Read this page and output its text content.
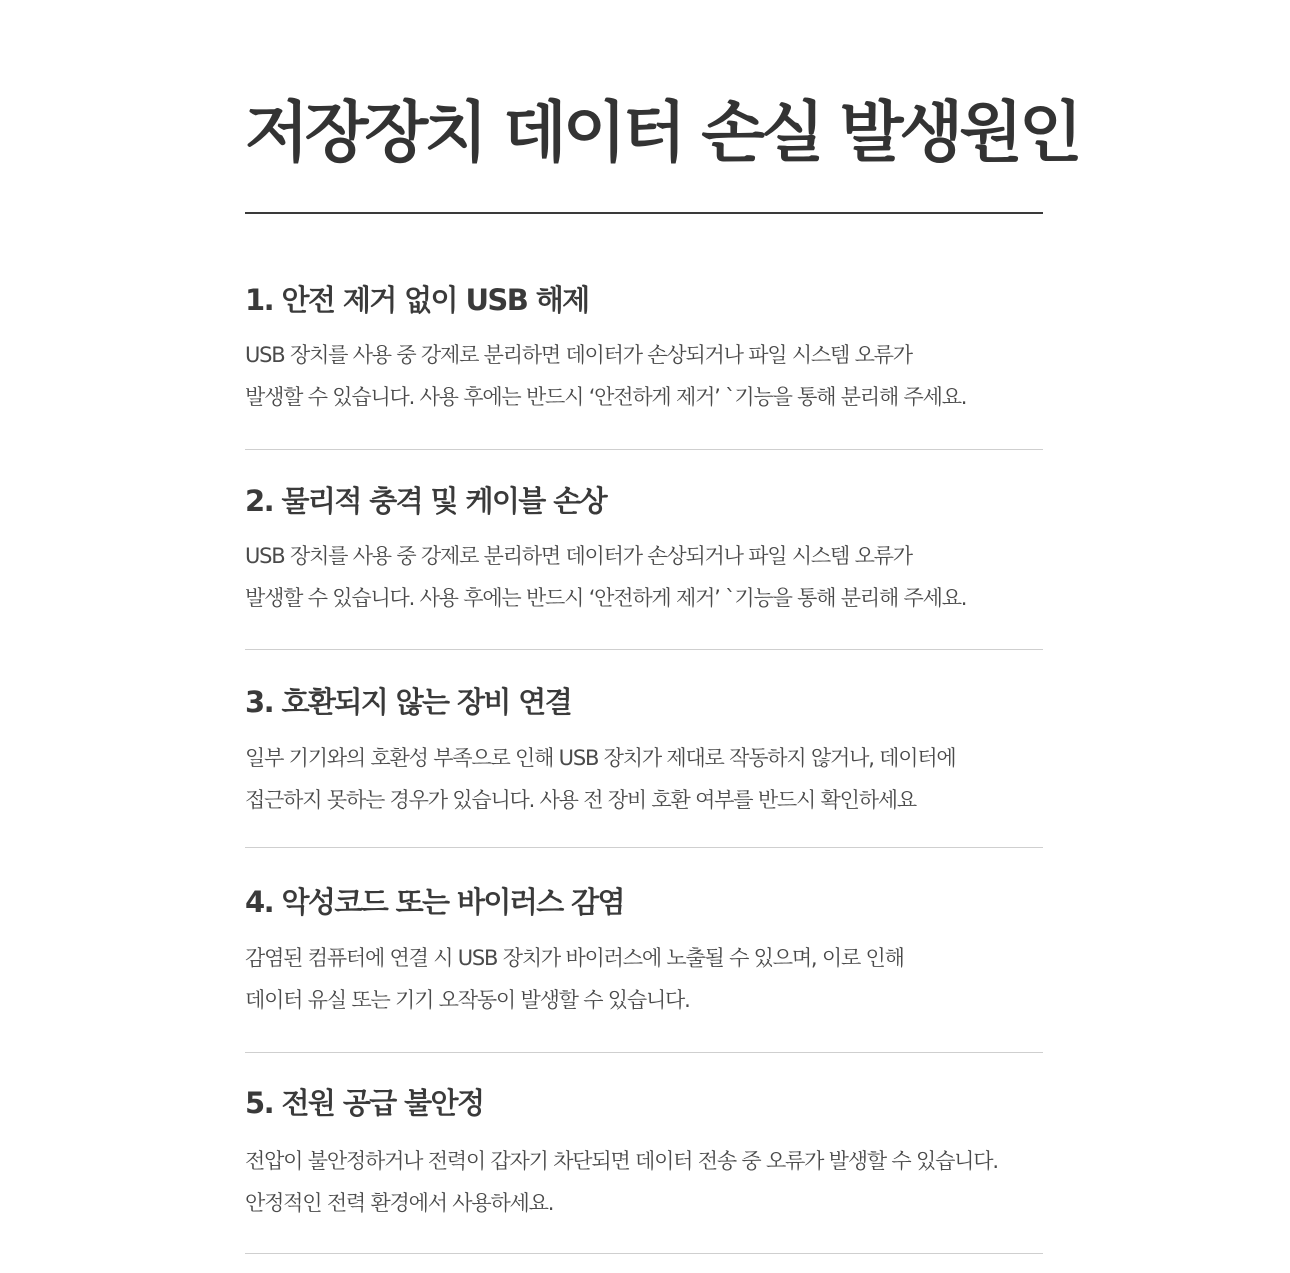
저장장치 데이터 손실 발생원인
1. 안전 제거 없이 USB 해제

USB 장치를 사용 중 강제로 분리하면 데이터가 손상되거나 파일 시스템 오류가
발생할 수 있습니다. 사용 후에는 반드시 ‘안전하게 제거’ `기능을 통해 분리해 주세요.

2. 물리적 충격 및 케이블 손상

USB 장치를 사용 중 강제로 분리하면 데이터가 손상되거나 파일 시스템 오류가
발생할 수 있습니다. 사용 후에는 반드시 ‘안전하게 제거’ `기능을 통해 분리해 주세요.

3. 호환되지 않는 장비 연결

일부 기기와의 호환성 부족으로 인해 USB 장치가 제대로 작동하지 않거나, 데이터에
접근하지 못하는 경우가 있습니다. 사용 전 장비 호환 여부를 반드시 확인하세요

4. 악성코드 또는 바이러스 감염

감염된 컴퓨터에 연결 시 USB 장치가 바이러스에 노출될 수 있으며, 이로 인해
데이터 유실 또는 기기 오작동이 발생할 수 있습니다.

5. 전원 공급 불안정

전압이 불안정하거나 전력이 갑자기 차단되면 데이터 전송 중 오류가 발생할 수 있습니다.
안정적인 전력 환경에서 사용하세요.
